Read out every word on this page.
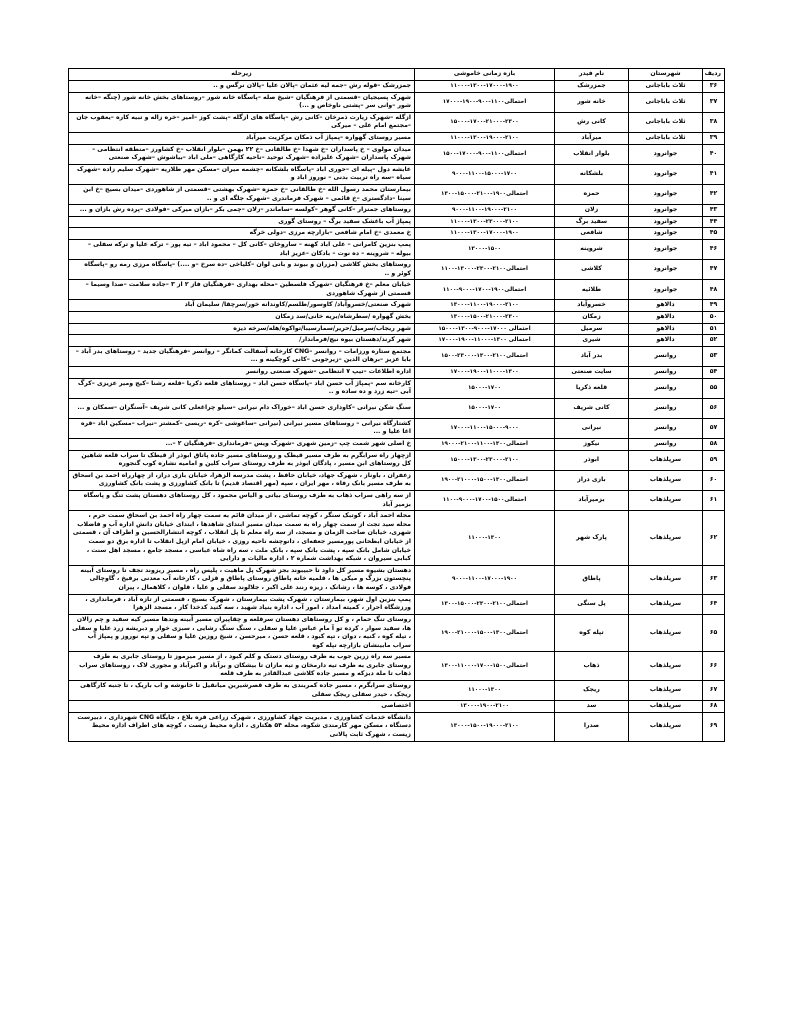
ردیف	شهرستان	نام فیدر	بازه زمانی خاموشی	زیرحله
۳۶	ثلاث باباجانی	جمزرشک	۱۱۰۰۰-۱۳۰۰-۱۷۰۰۰-۱۹۰۰	جمزرشک –قوله رش –جمه لیه عثمان –پالان علیا –پالان نرگس و ..
۳۷	ثلاث باباجانی	خانه شور	احتمالی۱۱۰۰-۹۰۰-۱۹۰۰-۱۷۰۰۰	شهرک پسیجیان –قسمتی از فرهنگیان –شیخ صله –پاسگاه خانه شور –روستاهای بخش خانه شور (چنگه –خانه شور –وانی سر –پشتی ناوخاص و ...)
۳۸	ثلاث باباجانی	کانی رش	۱۵۰۰۰-۱۷۰۰-۲۱۰۰۰-۲۳۰۰	ازگله –شهرک زیارت ذمرخان –کانی رش –پاسگاه های ازگله –پشت کوز –امیر –خره زاله و تبیه کاره –یعقوب جان –مجتمع امام علی – میرکی
۳۹	ثلاث باباجانی	میرآباد	۱۱۰۰۰-۱۳۰۰-۱۹۰۰۰-۲۱۰۰	مسیر روستای گهواره –پمپاژ آب ذمکان مرکزیت میرآباد
۴۰	جوانرود	بلوار انقلاب	احتمالی۱۱۰۰-۹۰۰-۱۷۰۰۰-۱۵۰۰	میدان مولوی – خ پاسداران –خ شهدا –خ طالقانی –خ ۲۲ بهمن –بلوار انقلاب –خ کشاورز –منطقه انتظامی –شهرک پاسداران –شهرک علیزاده –شهرک توحید –ناحیه کارگاهی –ملی اباد –بیاشوش –شهرک صنعتی
۴۱	جوانرود	بلشکانه	۹۰۰۰-۱۱۰۰-۱۵۰۰۰-۱۷۰۰	عابشه دول –پیله ای –حوری اباد –پاسگاه بلشکانه –چشمه میران –مسکن مهر طلاریه –شهرک سلیم زاده –شهرک سیاه –سه راه تربیت بدنی – نوروز اباد و
۴۲	جوانرود	حمزه	احتمالی۱۹۰۰-۲۱۰۰-۱۵۰۰۰-۱۳۰۰	بیمارستان محمد رسول الله –خ طالقانی –خ حمزه –شهرک بهشتی –قسمتی از شاهوردی –میدان بسیج –خ ابن سینا –دادگستری –خ قائمی – شهرک فرماندری –شهرک جلگه ای و ..
۴۳	جوانرود	زلان	۹۰۰۰-۱۱۰۰-۱۹۰۰۰-۲۱۰۰	روستاهای جمنزار –کانی گوهر –کولسه –ساماندر –زلان –چمی بکر –بازان میرکی –فولادی –پرده رش بازان و ...
۴۴	جوانرود	سفید برگ	۱۱۰۰۰-۱۳۰۰-۲۳۰۰۰-۲۱۰۰	پمپاژ آب باغشک سفید برگ – روستای گوری
۴۵	جوانرود	شافعی	۱۱۰۰۰-۱۳۰۰-۱۷۰۰۰-۱۹۰۰	خ معمدی –خ امام شافعی –بازارچه مرزی –دولی خرگه
۴۶	جوانرود	شروینه	۱۳۰۰۰-۱۵۰۰	پمپ بنزین کامرانی – علی اباد کهنه – ساروخان –کانی کل – محمود اباد – تیه پور – ترکه علیا و ترکه سفلی – بیوله – شروینه – ده نوت – بادکان –عزیز اباد
۴۷	جوانرود	کلاشی	احتمالی۲۱۰۰-۲۳۰۰-۱۳۰۰۰-۱۱۰۰	روستاهای بخش کلاشی (مزران و بیوند و بانی لوان –کلیاخی –ده سرخ –و ....) –پاسگاه مرزی رمه رو –پاسگاه کوئر و ..
۴۸	جوانرود	طلائیه	احتمالی۱۹۰۰-۱۷۰۰-۹۰۰۰-۱۱۰۰	خیابان معلم –خ فرهنگیان –شهرک فلسطین –محله بهداری –فرهنگیان فاز ۲ از ۳ –جاده سلامت –صدا وسیما –قسمتی از شهرک شاهوردی
۴۹	دالاهو	خسروآباد	۱۳۰۰۰-۱۱۰۰-۱۹۰۰۰-۲۱۰۰	شهرک صنعتی/خسروآباد/ کاوسور/طلسم/کاوندانه خور/سرچقا/ سلیمان آباد
۵۰	دالاهو	زمکان	۱۳۰۰۰-۱۵۰۰-۲۱۰۰۰-۲۳۰۰	بخش گهواره /سطرشاه/بریه خانی/سد زمکان
۵۱	دالاهو	سرمیل	۱۵۰۰۰-۱۳۰۰-۹۰۰۰-۱۷۰۰۰ احتمالی	شهر ریجاب/سرمیل/حریر/سمارسیبا/تواکوه/هله/سرخه دیزه
۵۲	دالاهو	شیری	۱۷۰۰۰-۱۹۰۰-۱۱۰۰۰-۱۳۰۰ احتمالی	شهر کرند/دهستان بیوه نیچ/فرماندار/
۵۳	روانسر	بدر آباد	احتمالی۲۱۰۰-۱۳۰۰-۲۳۰۰۰-۱۵۰۰	مجتمع ستاره ورزامات – روانسر –CNG کارخانه آسفالت کمانگر – روانسر –فرهنگیان جدید – روستاهای بدر آباد –بابا عزیز –برهان الدین –زیرجوبی –کانی کوچکینه و ...
۵۴	روانسر	سایت صنعتی	۱۷۰۰۰-۱۹۰۰-۱۱۰۰۰-۱۳۰۰	اداره اطلاعات –تیپ ۷ انتظامی –شهرک صنعتی روانسر
۵۵	روانسر	قلعه ذکریا	۱۵۰۰۰-۱۷۰۰	کارخانه سم –پمپاژ آب حسن اباد –پاسگاه حسن اباد – روستاهای قلعه ذکریا –قلعه رشنا –کیج ومیر عزیزی –کرگ آبی –تیه زرد و ده ساده و ..
۵۶	روانسر	کانی شریف	۱۵۰۰۰-۱۷۰۰	سنگ شکن نیرانی –کاوداری حسن اباد –خوراک دام نیرانی –سیلو چراغعلی کانی شریف –آسنگران –سمکان و ...
۵۷	روانسر	نیرانی	۱۷۰۰۰-۱۱۰۰-۱۵۰۰۰-۹۰۰۰	کشتارگاه نیرانی – روستاهای مسیر نیرانی (نیرانی –ساغوشی –کره –ریسی –کمشتر –نیراب –مسکین اباد –قره اغا علیا و ...
۵۸	روانسر	نیکوز	۱۹۰۰۰-۲۱۰۰-۱۱۰۰-۱۳۰۰احتمالی	خ اصلی شهر شمت چپ –زمین شهری –شهرک ویس –فرمانداری –فرهنگیان ۲ –...
۵۹	سرپلذهاب	ابوذر	۱۵۰۰۰-۱۳۰۰-۲۳۰۰۰-۲۱۰۰	ازچهار راه سرابگرم به طرف مسیر قیطک و روستاهای مسیر جاده پاتاق ابوذر از قیطک تا سراب قلعه شاهین کل روستاهای ابن مسیر ، پادگان ابوذر به طرف روستای سراب کلین و امامیه نشاره کوب گنجوره
۶۰	سرپلذهاب	بازی دراز	احتمالی۱۳۰۰-۱۵۰۰-۲۱۰۰۰-۱۹۰۰	زعفران ، باوناز ، شهرک جهاد، خیابان حافظ ، پشت مدرسه الزهرا، خیابان بازی دراز، از چهارراه احمد بن اسحاق به طرف مسیر بانک رفاه ، مهر ایران ، سپه (مهر اقتصاد قدیم) تا بانک کشاورزی و پشت بانک کشاورزی
۶۱	سرپلذهاب	بزمیرآباد	احتمالی۱۵۰۰-۱۷۰۰-۹۰۰۰-۱۱۰۰	از سه راهی سراب ذهاب به طرف روستای بیاتی و الیاس محمود ، کل روستاهای دهستان پشت تنگ و پاسگاه بزمیر آباد
۶۲	سرپلذهاب	پارک شهر	۱۱۰۰۰-۱۳۰۰	محله احمد آباد ، کوتبک سنگر ، کوچه تماشی ، از میدان قائم به سمت چهار راه احمد بن اسحاق سمت حرم ، محله سید تجت از سمت چهار راه به سمت میدان مسیر ابتدای شاهدها ، ابتدای خیابان دانش اداره آب و فاضلاب شهری، خیابان صاحب الزمان و مسجد، از سه راه معلم تا پل انقلاب ، کوچه انتشارالحسین و اطراف آن ، قسمتی از خیابان ابطحانی پورمسیر جعفه‌ای ، دانوچشه ناحیه روزی ، خیابان امام ازپل انقلاب تا اداره برق دو سمت خیابان شامل بانک سپه ، پشت بانک سپه ، بانک ملت ، سه راه شاه عباسی ، مسجد جامع ، مسجد اهل سنت ، کبابی سیروان ، شبکه بهداشت شماره ۲ ، اداره مالیات و دارایی
۶۳	سرپلذهاب	پاطاق	۹۰۰۰-۱۱۰۰-۱۷۰۰۰-۱۹۰۰	دهستان بشیوه مسیر کل داود تا حبیبوند بجز شهرک پل ماهیت ، پلیس راه ، مسیر ریزوند تجف تا روستای آبینه پنچستون بزرگ و میکی ها ، قلمیه خانه پاطاق روستای پاطاق و قزلی ، کارخانه آب معدنی برفیخ ، گاوچالی فولادی ، کوسه ها ، رشانک ، زیزه رنند علی اکبر ، جلالوند سفلی و علیا ، قلوان ، کلاهمال ، پیران
۶۴	سرپلذهاب	پل سنگی	احتمالی۲۱۰۰-۲۳۰۰-۱۵۰۰۰-۱۳۰۰	پمپ بنزین اول شهر، بیمارستان ، شهرک پشت بیمارستان ، شهرک بسیج ، قسمتی از تازه آباد ، فرمانداری ، ورزشگاه احرار ، کمیته امداد ، امور آب ، اداره بنیاد شهید ، سه کنید کدخدا کار ، مسجد الزهرا
۶۵	سرپلذهاب	تپله کوه	احتمالی۱۳۰۰-۱۵۰۰-۲۱۰۰۰-۱۹۰۰	روستای تنگ حمام ، و کل روستاهای دهستان سرقلعه و چقاپیران مسیر آبینه وندها مسیر کیه سفید و چم زالان ها، سفید سوار ، کرده تو آ مام عباس علیا و سفلی ، سنگ سنگ رشایی ، سبزی خوار و دبریشه زرد علیا و سفلی ، تیله کوه ، کنیه ، دوان ، تپه کبود ، قلعه حسن ، میرحسن ، شیخ روزین علیا و سفلی و تپه نوروز و پمپاژ آب سراب مابینشان بازارچه تپله کوه
۶۶	سرپلذهاب	ذهاب	احتمالی۱۵۰۰-۱۷۰۰-۱۱۰۰۰-۱۳۰۰	مسیر سه راه زرین جوب به طرف روستای دستک و کلم کبود ، از مسیر میرموز تا روستای جابری به طرف روستای جابری به طرف تیه دارمخان و تیه مازان تا بیشکان و برآباد و اکبرآباد و مجوری لاک ، روستاهای سراب ذهاب تا ملة دیزکه و مسیر جاده کلاشی عبدالقادر به طرف قلعه
۶۷	سرپلذهاب	ریجک	۱۱۰۰۰-۱۳۰۰	روستای سرابگرم ، مسیر جاده کمربندی به طرف قصرشیرین میانقیل تا خانوشه و اب باریک ، تا جنبه کارگاهی ریجک ، حیدر سفلی ریجک سفلی
۶۸	سرپلذهاب	سد	۱۳۰۰۰-۱۹۰۰-۲۱۰۰	اختصاصی
۶۹	سرپلذهاب	صدرا	۱۳۰۰۰-۱۵۰۰-۱۹۰۰۰-۲۱۰۰	دانشگاه خدمات کشاورزی ، مدیریت جهاد کشاورزی ، شهرک زراعی قره بلاغ ، جایگاه CNG شهرداری ، دبیرست دستگاه ، مسکن مهر کارمندی شکوه، محله ۵۴ هکتاری ، اداره محیط زیست ، کوچه های اطراف اداره محیط زیست ، شهرک ثابت پالانی
